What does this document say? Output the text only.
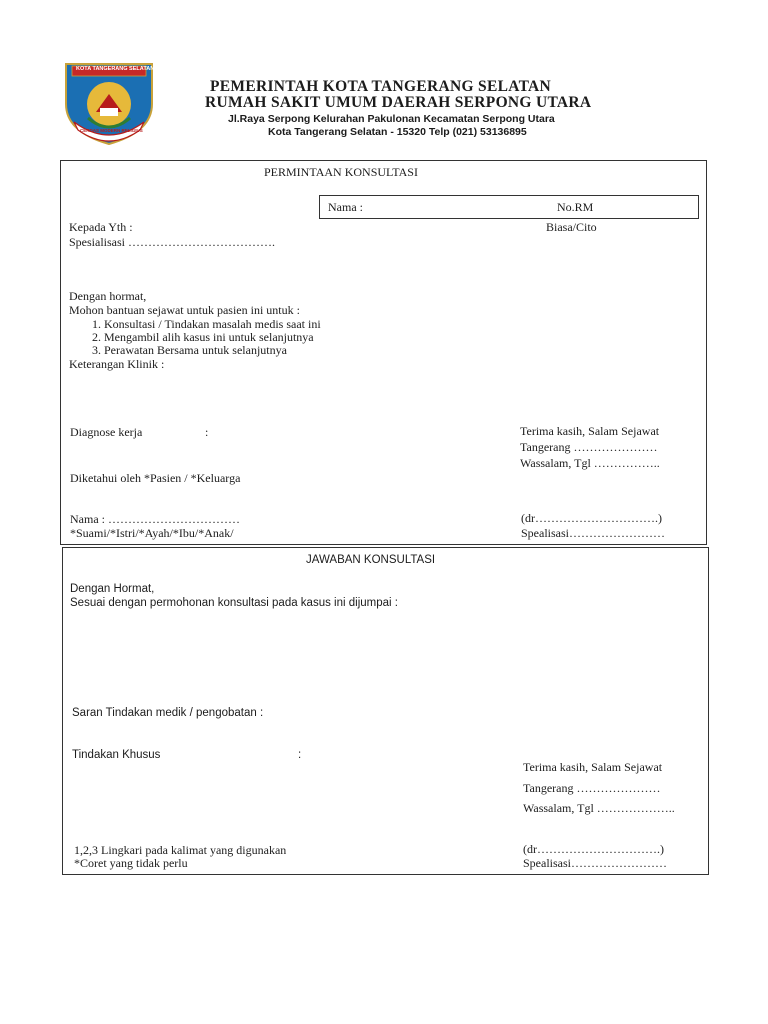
KOTA TANGERANG SELATAN
CERDAS MODERN RELIGIUS
PEMERINTAH KOTA TANGERANG SELATAN
RUMAH SAKIT UMUM DAERAH SERPONG UTARA
Jl.Raya Serpong Kelurahan Pakulonan Kecamatan Serpong Utara
Kota Tangerang Selatan - 15320 Telp (021) 53136895
PERMINTAAN KONSULTASI
Nama :	No.RM
Kepada Yth :	Biasa/Cito
Spesialisasi ……………………………….
Dengan hormat,
Mohon bantuan sejawat untuk pasien ini untuk :
1. Konsultasi / Tindakan masalah medis saat ini
2. Mengambil alih kasus ini untuk selanjutnya
3. Perawatan Bersama untuk selanjutnya
Keterangan Klinik :
Diagnose kerja	:	Terima kasih, Salam Sejawat
Tangerang …………………
Wassalam, Tgl ……………..
Diketahui oleh *Pasien / *Keluarga
Nama : ……………………………
*Suami/*Istri/*Ayah/*Ibu/*Anak/
(dr………………………….)
Spealisasi……………………
JAWABAN KONSULTASI
Dengan Hormat,
Sesuai dengan permohonan konsultasi pada kasus ini dijumpai :
Saran Tindakan medik / pengobatan :
Tindakan Khusus	:
Terima kasih, Salam Sejawat
Tangerang …………………
Wassalam, Tgl ………………..
1,2,3 Lingkari pada kalimat yang digunakan
*Coret yang tidak perlu
(dr………………………….)
Spealisasi……………………
